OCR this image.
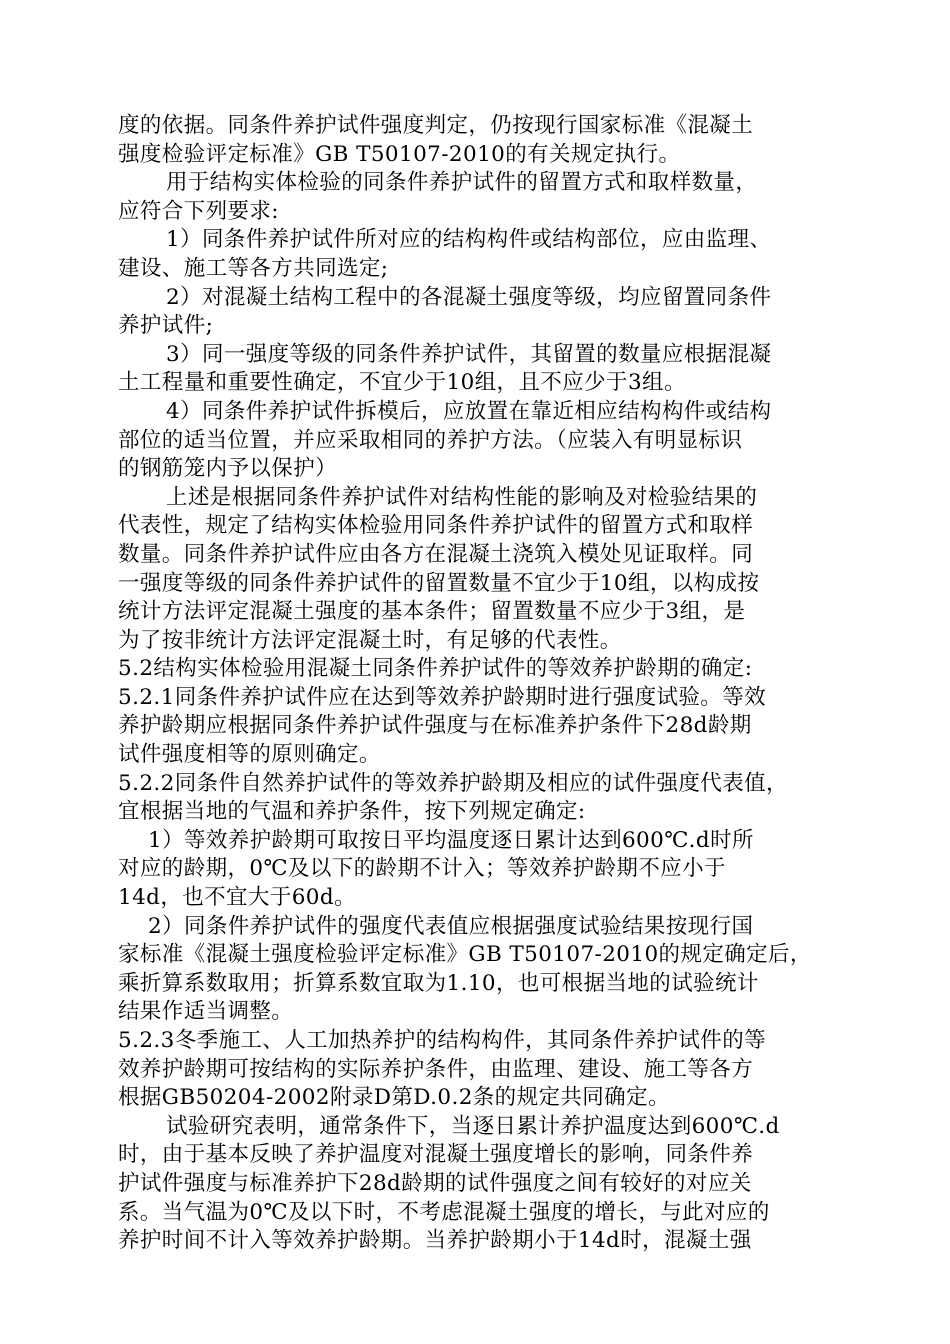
度的依据。同条件养护试件强度判定，仍按现行国家标准《混凝土
强度检验评定标准》GB T50107-2010的有关规定执行。
用于结构实体检验的同条件养护试件的留置方式和取样数量，
应符合下列要求:
1）同条件养护试件所对应的结构构件或结构部位，应由监理、
建设、施工等各方共同选定;
2）对混凝土结构工程中的各混凝土强度等级，均应留置同条件
养护试件;
3）同一强度等级的同条件养护试件，其留置的数量应根据混凝
土工程量和重要性确定，不宜少于10组，且不应少于3组。
4）同条件养护试件拆模后，应放置在靠近相应结构构件或结构
部位的适当位置，并应采取相同的养护方法。（应装入有明显标识
的钢筋笼内予以保护）
上述是根据同条件养护试件对结构性能的影响及对检验结果的
代表性，规定了结构实体检验用同条件养护试件的留置方式和取样
数量。同条件养护试件应由各方在混凝土浇筑入模处见证取样。同
一强度等级的同条件养护试件的留置数量不宜少于10组，以构成按
统计方法评定混凝土强度的基本条件；留置数量不应少于3组，是
为了按非统计方法评定混凝土时，有足够的代表性。
5.2结构实体检验用混凝土同条件养护试件的等效养护龄期的确定:
5.2.1同条件养护试件应在达到等效养护龄期时进行强度试验。等效
养护龄期应根据同条件养护试件强度与在标准养护条件下28d龄期
试件强度相等的原则确定。
5.2.2同条件自然养护试件的等效养护龄期及相应的试件强度代表值，
宜根据当地的气温和养护条件，按下列规定确定:
1）等效养护龄期可取按日平均温度逐日累计达到600℃.d时所
对应的龄期，0℃及以下的龄期不计入；等效养护龄期不应小于
14d，也不宜大于60d。
2）同条件养护试件的强度代表值应根据强度试验结果按现行国
家标准《混凝土强度检验评定标准》GB T50107-2010的规定确定后，
乘折算系数取用；折算系数宜取为1.10，也可根据当地的试验统计
结果作适当调整。
5.2.3冬季施工、人工加热养护的结构构件，其同条件养护试件的等
效养护龄期可按结构的实际养护条件，由监理、建设、施工等各方
根据GB50204-2002附录D第D.0.2条的规定共同确定。
试验研究表明，通常条件下，当逐日累计养护温度达到600℃.d
时，由于基本反映了养护温度对混凝土强度增长的影响，同条件养
护试件强度与标准养护下28d龄期的试件强度之间有较好的对应关
系。当气温为0℃及以下时，不考虑混凝土强度的增长，与此对应的
养护时间不计入等效养护龄期。当养护龄期小于14d时，混凝土强
